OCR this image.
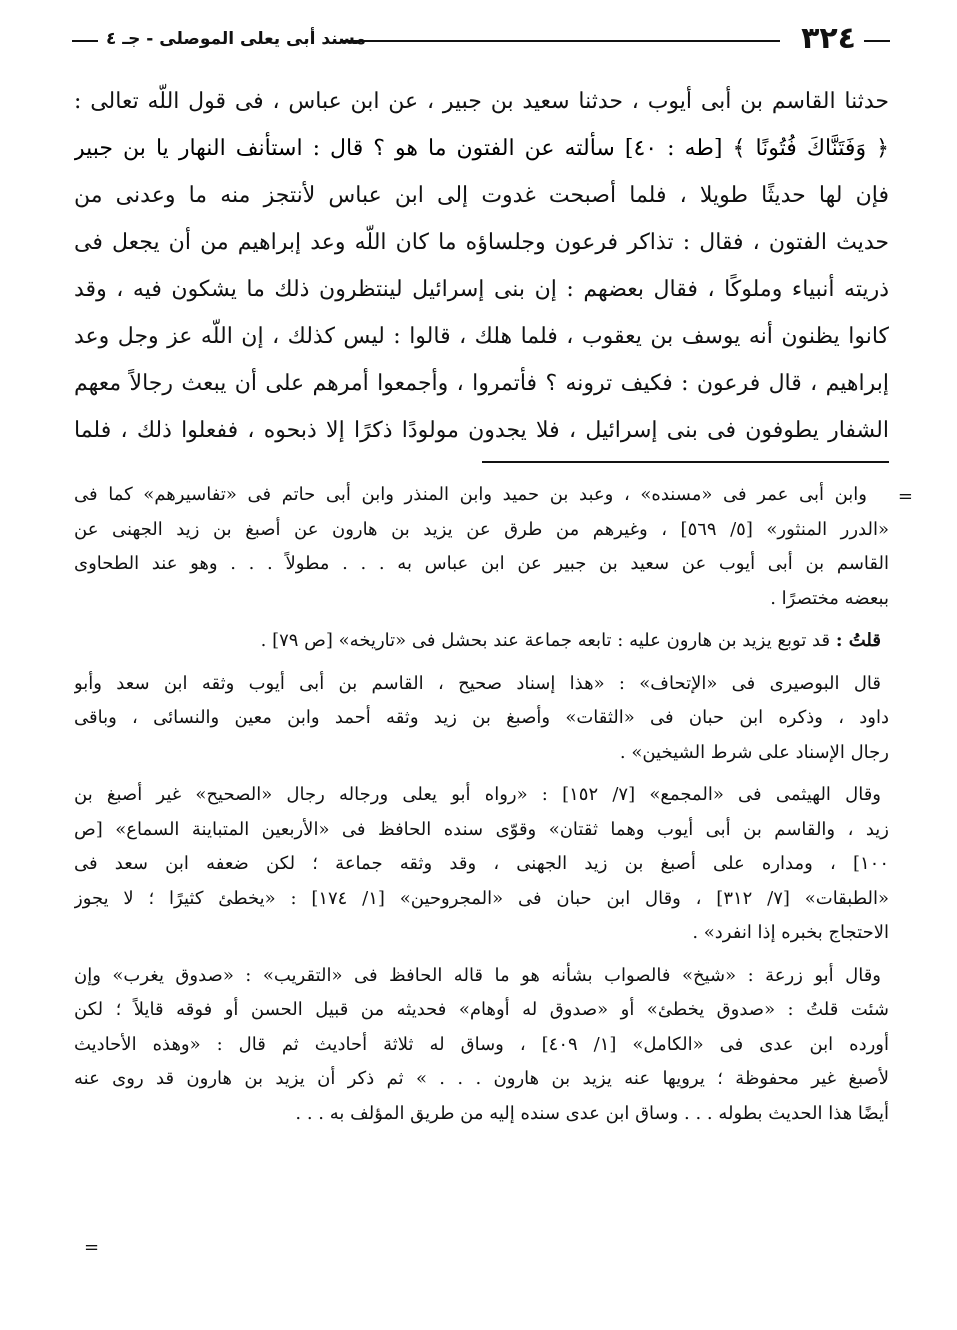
٣٢٤
مسند أبى يعلى الموصلى - جـ ٤
حدثنا القاسم بن أبى أيوب ، حدثنا سعيد بن جبير ، عن ابن عباس ، فى قول اللّه تعالى :
﴿ وَفَتَنَّاكَ فُتُونًا ﴾ [طه : ٤٠] سألته عن الفتون ما هو ؟ قال : استأنف النهار يا بن جبير
فإن لها حديثًا طويلا ، فلما أصبحت غدوت إلى ابن عباس لأنتجز منه ما وعدنى من
حديث الفتون ، فقال : تذاكر فرعون وجلساؤه ما كان اللّه وعد إبراهيم من أن يجعل فى
ذريته أنبياء وملوكًا ، فقال بعضهم : إن بنى إسرائيل لينتظرون ذلك ما يشكون فيه ، وقد
كانوا يظنون أنه يوسف بن يعقوب ، فلما هلك ، قالوا : ليس كذلك ، إن اللّه عز وجل وعد
إبراهيم ، قال فرعون : فكيف ترونه ؟ فأتمروا ، وأجمعوا أمرهم على أن يبعث رجالاً معهم
الشفار يطوفون فى بنى إسرائيل ، فلا يجدون مولودًا ذكرًا إلا ذبحوه ، ففعلوا ذلك ، فلما
=
وابن أبى عمر فى «مسنده» ، وعبد بن حميد وابن المنذر وابن أبى حاتم فى «تفاسيرهم» كما فى
«الدرر المنثور» [٥/ ٥٦٩] ، وغيرهم من طرق عن يزيد بن هارون عن أصبغ بن زيد الجهنى عن
القاسم بن أبى أيوب عن سعيد بن جبير عن ابن عباس به . . . مطولاً . . . وهو عند الطحاوى
ببعضه مختصرًا .
قلتُ : قد توبع يزيد بن هارون عليه : تابعه جماعة عند بحشل فى «تاريخه» [ص ٧٩] .
قال البوصيرى فى «الإتحاف» : «هذا إسناد صحيح ، القاسم بن أبى أيوب وثقه ابن سعد وأبو
داود ، وذكره ابن حبان فى «الثقات» وأصبغ بن زيد وثقه أحمد وابن معين والنسائى ، وباقى
رجال الإسناد على شرط الشيخين» .
وقال الهيثمى فى «المجمع» [٧/ ١٥٢] : «رواه أبو يعلى ورجاله رجال «الصحيح» غير أصبغ بن
زيد ، والقاسم بن أبى أيوب وهما ثقتان» وقوّى سنده الحافظ فى «الأربعين المتباينة السماع» [ص
١٠٠] ، ومداره على أصبغ بن زيد الجهنى ، وقد وثقه جماعة ؛ لكن ضعفه ابن سعد فى
«الطبقات» [٧/ ٣١٢] ، وقال ابن حبان فى «المجروحين» [١/ ١٧٤] : «يخطئ كثيرًا ؛ لا يجوز
الاحتجاج بخبره إذا انفرد» .
وقال أبو زرعة : «شيخ» فالصواب بشأنه هو ما قاله الحافظ فى «التقريب» : «صدوق يغرب» وإن
شئت قلتُ : «صدوق يخطئ» أو «صدوق له أوهام» فحديثه من قبيل الحسن أو فوقه قايلاً ؛ لكن
أورده ابن عدى فى «الكامل» [١/ ٤٠٩] ، وساق له ثلاثة أحاديث ثم قال : «وهذه الأحاديث
لأصبغ غير محفوظة ؛ يرويها عنه يزيد بن هارون . . . » ثم ذكر أن يزيد بن هارون قد روى عنه
أيضًا هذا الحديث بطوله . . . وساق ابن عدى سنده إليه من طريق المؤلف به . . .
=
